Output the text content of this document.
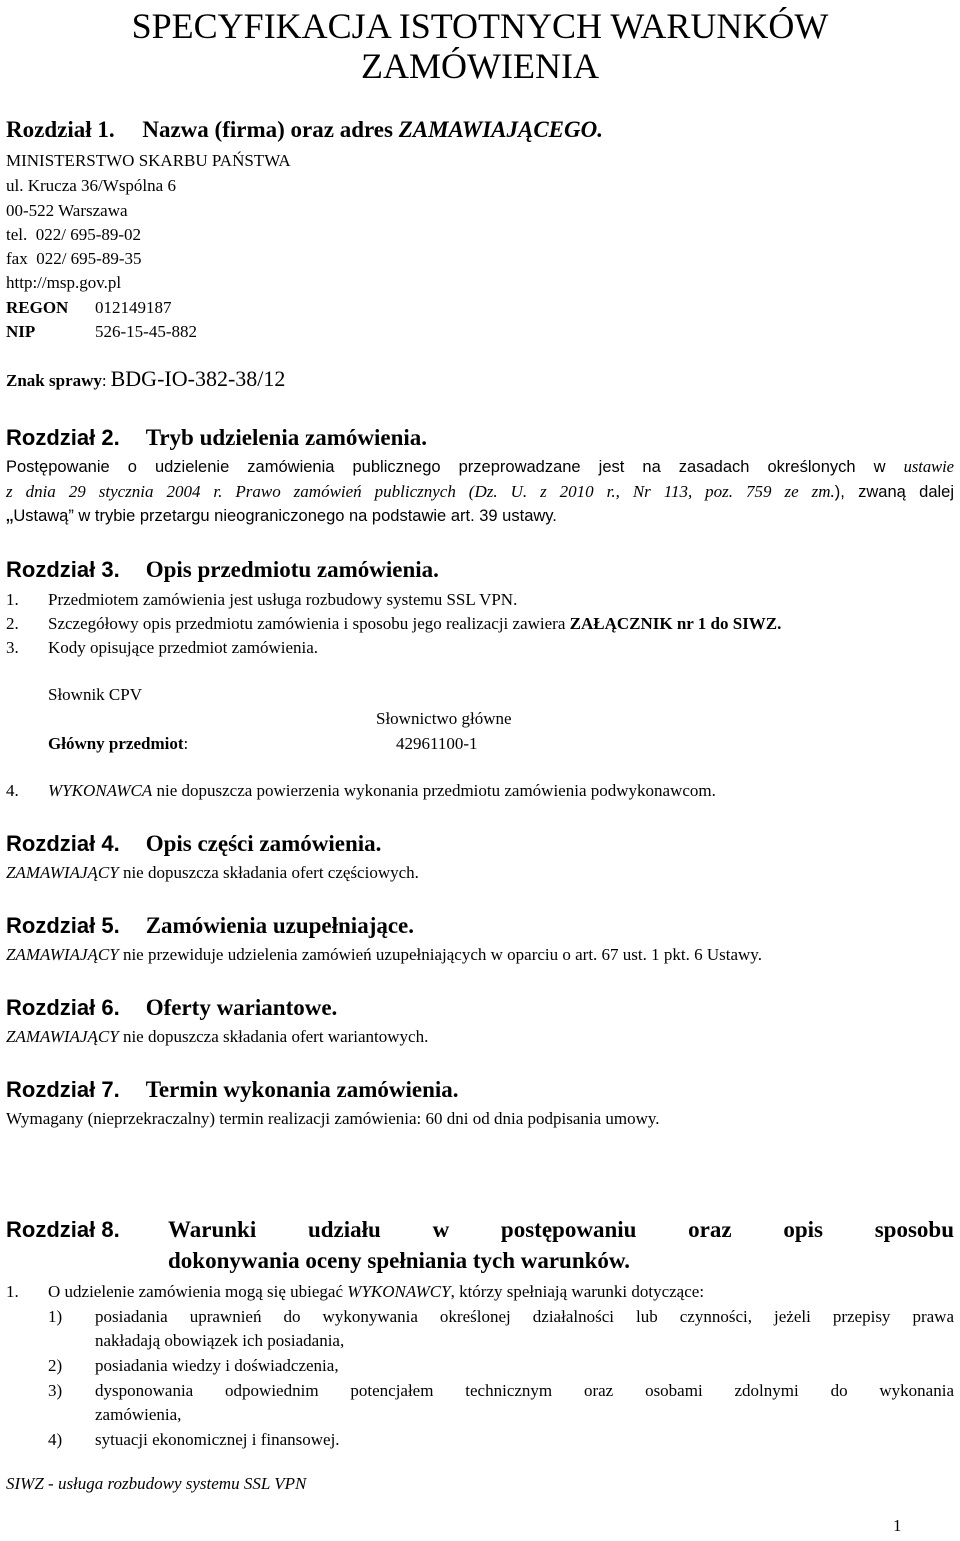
SPECYFIKACJA ISTOTNYCH WARUNKÓW
ZAMÓWIENIA
Rozdział 1. Nazwa (firma) oraz adres ZAMAWIAJĄCEGO.
MINISTERSTWO SKARBU PAŃSTWA
ul. Krucza 36/Wspólna 6
00-522 Warszawa
tel.  022/ 695-89-02
fax  022/ 695-89-35
http://msp.gov.pl
REGON 012149187
NIP	526-15-45-882
Znak sprawy: BDG-IO-382-38/12
Rozdział 2. Tryb udzielenia zamówienia.
Postępowanie o udzielenie zamówienia publicznego przeprowadzane jest na zasadach określonych w ustawie
z dnia 29 stycznia 2004 r. Prawo zamówień publicznych (Dz. U. z 2010 r., Nr 113, poz. 759 ze zm.), zwaną dalej
„Ustawą” w trybie przetargu nieograniczonego na podstawie art. 39 ustawy.
Rozdział 3. Opis przedmiotu zamówienia.
1. Przedmiotem zamówienia jest usługa rozbudowy systemu SSL VPN.
2. Szczegółowy opis przedmiotu zamówienia i sposobu jego realizacji zawiera ZAŁĄCZNIK nr 1 do SIWZ.
3. Kody opisujące przedmiot zamówienia.
Słownik CPV
Słownictwo główne
Główny przedmiot:	42961100-1
4. WYKONAWCA nie dopuszcza powierzenia wykonania przedmiotu zamówienia podwykonawcom.
Rozdział 4. Opis części zamówienia.
ZAMAWIAJĄCY nie dopuszcza składania ofert częściowych.
Rozdział 5. Zamówienia uzupełniające.
ZAMAWIAJĄCY nie przewiduje udzielenia zamówień uzupełniających w oparciu o art. 67 ust. 1 pkt. 6 Ustawy.
Rozdział 6. Oferty wariantowe.
ZAMAWIAJĄCY nie dopuszcza składania ofert wariantowych.
Rozdział 7. Termin wykonania zamówienia.
Wymagany (nieprzekraczalny) termin realizacji zamówienia: 60 dni od dnia podpisania umowy.
Rozdział 8. Warunki udziału w postępowaniu oraz opis sposobu
dokonywania oceny spełniania tych warunków.
1. O udzielenie zamówienia mogą się ubiegać WYKONAWCY, którzy spełniają warunki dotyczące:
1) posiadania uprawnień do wykonywania określonej działalności lub czynności, jeżeli przepisy prawa
nakładają obowiązek ich posiadania,
2) posiadania wiedzy i doświadczenia,
3) dysponowania odpowiednim potencjałem technicznym oraz osobami zdolnymi do wykonania
zamówienia,
4) sytuacji ekonomicznej i finansowej.
SIWZ - usługa rozbudowy systemu SSL VPN
1
